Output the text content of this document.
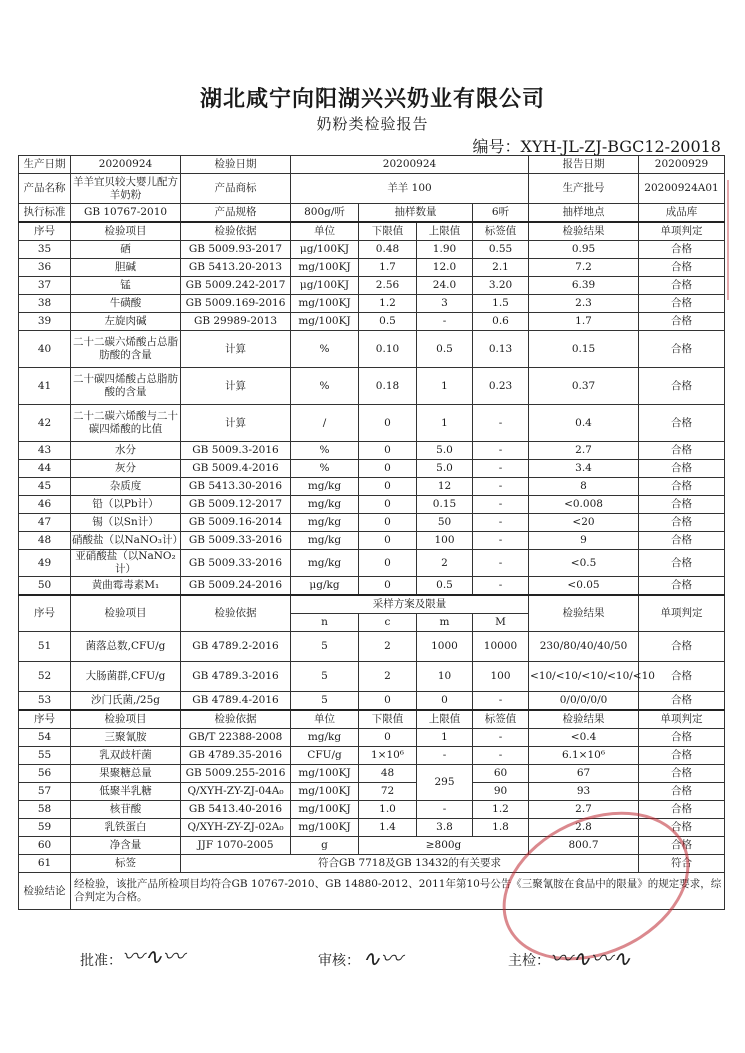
湖北咸宁向阳湖兴兴奶业有限公司
奶粉类检验报告
编号：XYH-JL-ZJ-BGC12-20018
生产日期	20200924	检验日期	20200924				报告日期	20200929
产品名称	羊羊宜贝较大婴儿配方羊奶粉	产品商标	羊羊 100				生产批号	20200924A01
执行标准	GB 10767-2010	产品规格	800g/听	抽样数量		6听	抽样地点	成品库
序号	检验项目	检验依据	单位	下限值	上限值	标签值	检验结果	单项判定
35	硒	GB 5009.93-2017	μg/100KJ	0.48	1.90	0.55	0.95	合格
36	胆碱	GB 5413.20-2013	mg/100KJ	1.7	12.0	2.1	7.2	合格
37	锰	GB 5009.242-2017	μg/100KJ	2.56	24.0	3.20	6.39	合格
38	牛磺酸	GB 5009.169-2016	mg/100KJ	1.2	3	1.5	2.3	合格
39	左旋肉碱	GB 29989-2013	mg/100KJ	0.5	-	0.6	1.7	合格
40	二十二碳六烯酸占总脂肪酸的含量	计算	%	0.10	0.5	0.13	0.15	合格
41	二十碳四烯酸占总脂肪酸的含量	计算	%	0.18	1	0.23	0.37	合格
42	二十二碳六烯酸与二十碳四烯酸的比值	计算	/	0	1	-	0.4	合格
43	水分	GB 5009.3-2016	%	0	5.0	-	2.7	合格
44	灰分	GB 5009.4-2016	%	0	5.0	-	3.4	合格
45	杂质度	GB 5413.30-2016	mg/kg	0	12	-	8	合格
46	铅（以Pb计）	GB 5009.12-2017	mg/kg	0	0.15	-	<0.008	合格
47	锡（以Sn计）	GB 5009.16-2014	mg/kg	0	50	-	<20	合格
48	硝酸盐（以NaNO₃计）	GB 5009.33-2016	mg/kg	0	100	-	9	合格
49	亚硝酸盐（以NaNO₂计）	GB 5009.33-2016	mg/kg	0	2	-	<0.5	合格
50	黄曲霉毒素M₁	GB 5009.24-2016	μg/kg	0	0.5	-	<0.05	合格
序号	检验项目	检验依据	采样方案及限量				检验结果	单项判定
			n	c	m	M		
51	菌落总数,CFU/g	GB 4789.2-2016	5	2	1000	10000	230/80/40/40/50	合格
52	大肠菌群,CFU/g	GB 4789.3-2016	5	2	10	100	<10/<10/<10/<10/<10	合格
53	沙门氏菌,/25g	GB 4789.4-2016	5	0	0	-	0/0/0/0/0	合格
序号	检验项目	检验依据	单位	下限值	上限值	标签值	检验结果	单项判定
54	三聚氰胺	GB/T 22388-2008	mg/kg	0	1	-	<0.4	合格
55	乳双歧杆菌	GB 4789.35-2016	CFU/g	1×10⁶	-	-	6.1×10⁶	合格
56	果聚糖总量	GB 5009.255-2016	mg/100KJ	48	295	60	67	合格
57	低聚半乳糖	Q/XYH-ZY-ZJ-04A₀	mg/100KJ	72		90	93	合格
58	核苷酸	GB 5413.40-2016	mg/100KJ	1.0	-	1.2	2.7	合格
59	乳铁蛋白	Q/XYH-ZY-ZJ-02A₀	mg/100KJ	1.4	3.8	1.8	2.8	合格
60	净含量	JJF 1070-2005	g	≥800g			800.7	合格
61	标签	符合GB 7718及GB 13432的有关要求						符合
检验结论	经检验，该批产品所检项目均符合GB 10767-2010、GB 14880-2012、2011年第10号公告《三聚氰胺在食品中的限量》的规定要求，综合判定为合格。							
批准： 〰∿〰	审核： ∿〰	主检： 〰∿〰∿
